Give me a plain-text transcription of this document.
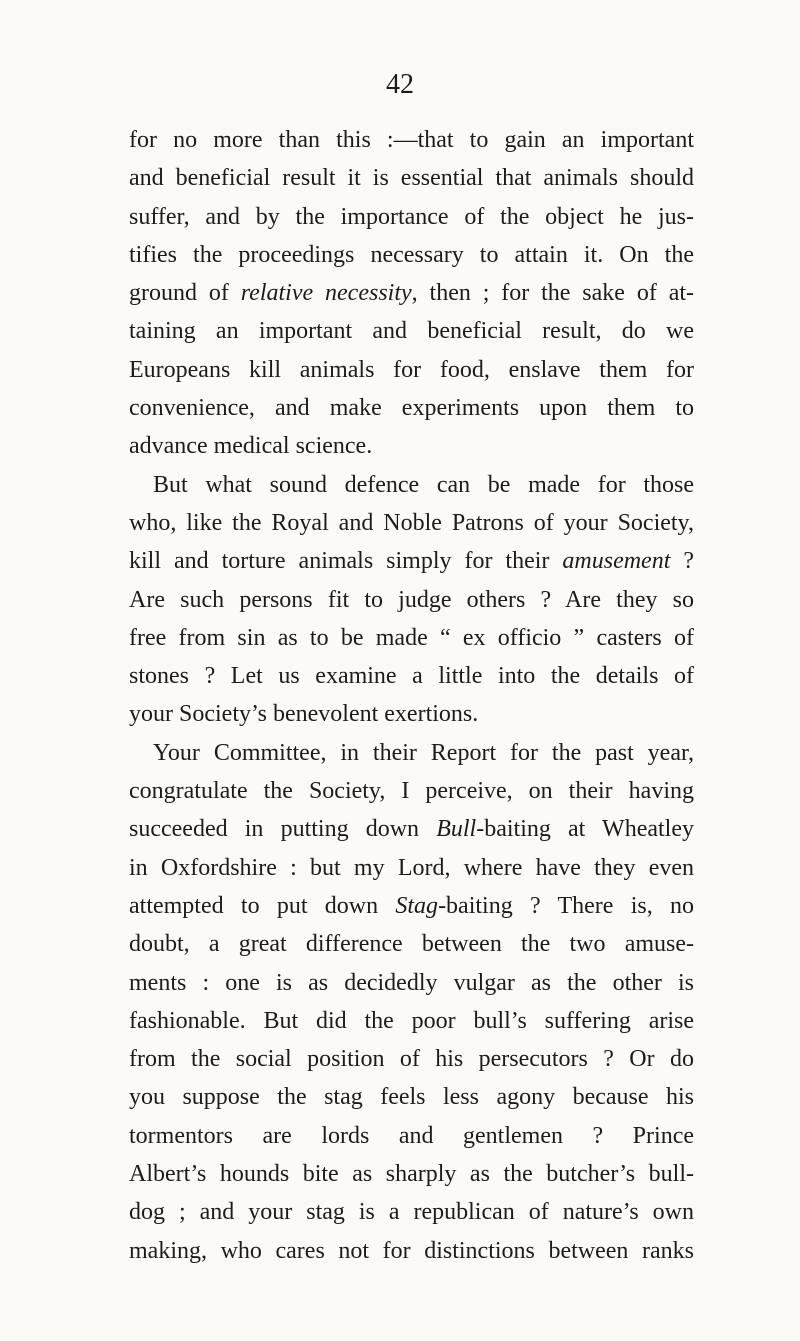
42
for no more than this :—that to gain an important
and beneficial result it is essential that animals should
suffer, and by the importance of the object he jus-
tifies the proceedings necessary to attain it. On the
ground of relative necessity, then ; for the sake of at-
taining an important and beneficial result, do we
Europeans kill animals for food, enslave them for
convenience, and make experiments upon them to
advance medical science.
But what sound defence can be made for those
who, like the Royal and Noble Patrons of your Society,
kill and torture animals simply for their amusement ?
Are such persons fit to judge others ? Are they so
free from sin as to be made “ ex officio ” casters of
stones ? Let us examine a little into the details of
your Society’s benevolent exertions.
Your Committee, in their Report for the past year,
congratulate the Society, I perceive, on their having
succeeded in putting down Bull-baiting at Wheatley
in Oxfordshire : but my Lord, where have they even
attempted to put down Stag-baiting ? There is, no
doubt, a great difference between the two amuse-
ments : one is as decidedly vulgar as the other is
fashionable. But did the poor bull’s suffering arise
from the social position of his persecutors ? Or do
you suppose the stag feels less agony because his
tormentors are lords and gentlemen ? Prince
Albert’s hounds bite as sharply as the butcher’s bull-
dog ; and your stag is a republican of nature’s own
making, who cares not for distinctions between ranks
